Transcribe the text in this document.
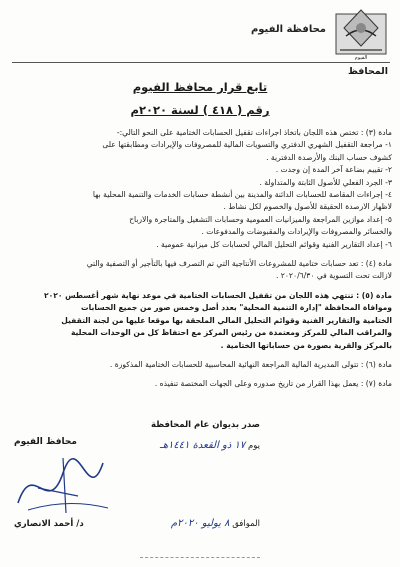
الفيوم
محافظة الفيوم
المحافظ
تابع قرار محافظ الفيوم
رقم ( ٤١٨ ) لسنة ٢٠٢٠م

مادة (٣) : تختص هذه اللجان باتخاذ اجراءات تقفيل الحسابات الختامية على النحو التالي:-

١- مراجعة التقفيل الشهري الدفتري والتسويات المالية للمصروفات والإيرادات ومطابقتها على

كشوف حساب البنك والأرصدة الدفترية .

٢- تقييم بضاعة آخر المدة إن وجدت .

٣- الجرد الفعلي للأصول الثابتة والمتداولة .

٤- إجراءات المقاصة للحسابات الدائنة والمدينة بين أنشطة حسابات الخدمات والتنمية المحلية بها

لاظهار الارصدة الحقيقة للأصول والخصوم لكل نشاط .

٥- إعداد موازين المراجعة والميزانيات العمومية وحسابات التشغيل والمتاجرة والارباح

والخسائر والمصروفات والإيرادات والمقبوضات والمدفوعات .

٦- إعداد التقارير الفنية وقوائم التحليل المالي لحسابات كل ميزانية عمومية .

مادة (٤) : تعد حسابات ختامية للمشروعات الأنتاجية التي تم التصرف فيها بالتأجير أو التصفية والتي

لازالت تحت التسوية في ٢٠٢٠/٦/٣٠ .

مادة (٥) : تنتهي هذه اللجان من تقفيل الحسابات الختامية في موعد نهاية شهر أغسطس ٢٠٢٠

وموافاة المحافظة "إدارة التنمية المحلية" بعدد أصل وخمس صور من جميع الحسابات

الختامية والتقارير الفنية وقوائم التحليل المالي الملحقة بها موقعا عليها من لجنة التقفيل

والمراقب المالي للمركز ومعتمدة من رئيس المركز مع احتفاظ كل من الوحدات المحلية

بالمركز والقرية بصورة من حساباتها الختامية .

مادة (٦) : تتولى المديرية المالية المراجعة النهائية المحاسبية للحسابات الختامية المذكورة .

مادة (٧) : يعمل بهذا القرار من تاريخ صدوره وعلى الجهات المختصة تنفيذه .

صدر بديوان عام المحافظة
يوم ١٧ ذو القعدة ١٤٤١هـ
الموافق ٨ يوليو ٢٠٢٠م
محافظ الفيوم
د/ أحمد الانصاري
